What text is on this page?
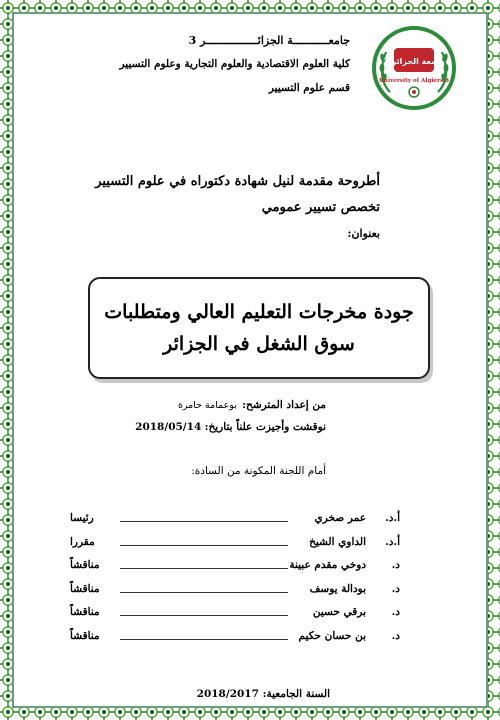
جامعة الجزائر 3
University of Algiers 3
جامعـــــــــــة الجزائــــــــــــــــر 3
كلية العلوم الاقتصادية والعلوم التجارية وعلوم التسيير
قسم علوم التسيير
أطروحة مقدمة لنيل شهادة دكتوراه في علوم التسيير
تخصص تسيير عمومي
بعنوان:
جودة مخرجات التعليم العالي ومتطلبات
سوق الشغل في الجزائر
من إعداد المترشح: بوعمامة حامرة
نوقشت وأجيزت علناً بتاريخ: 2018/05/14
أمام اللجنة المكونة من السادة:
أ.د.
عمر صخري
رئيسا
أ.د.
الداوي الشيخ
مقررا
د.
دوخي مقدم عبينة
مناقشاً
د.
بودالة يوسف
مناقشاً
د.
برقي حسين
مناقشاً
د.
بن حسان حكيم
مناقشاً
السنة الجامعية: 2018/2017
